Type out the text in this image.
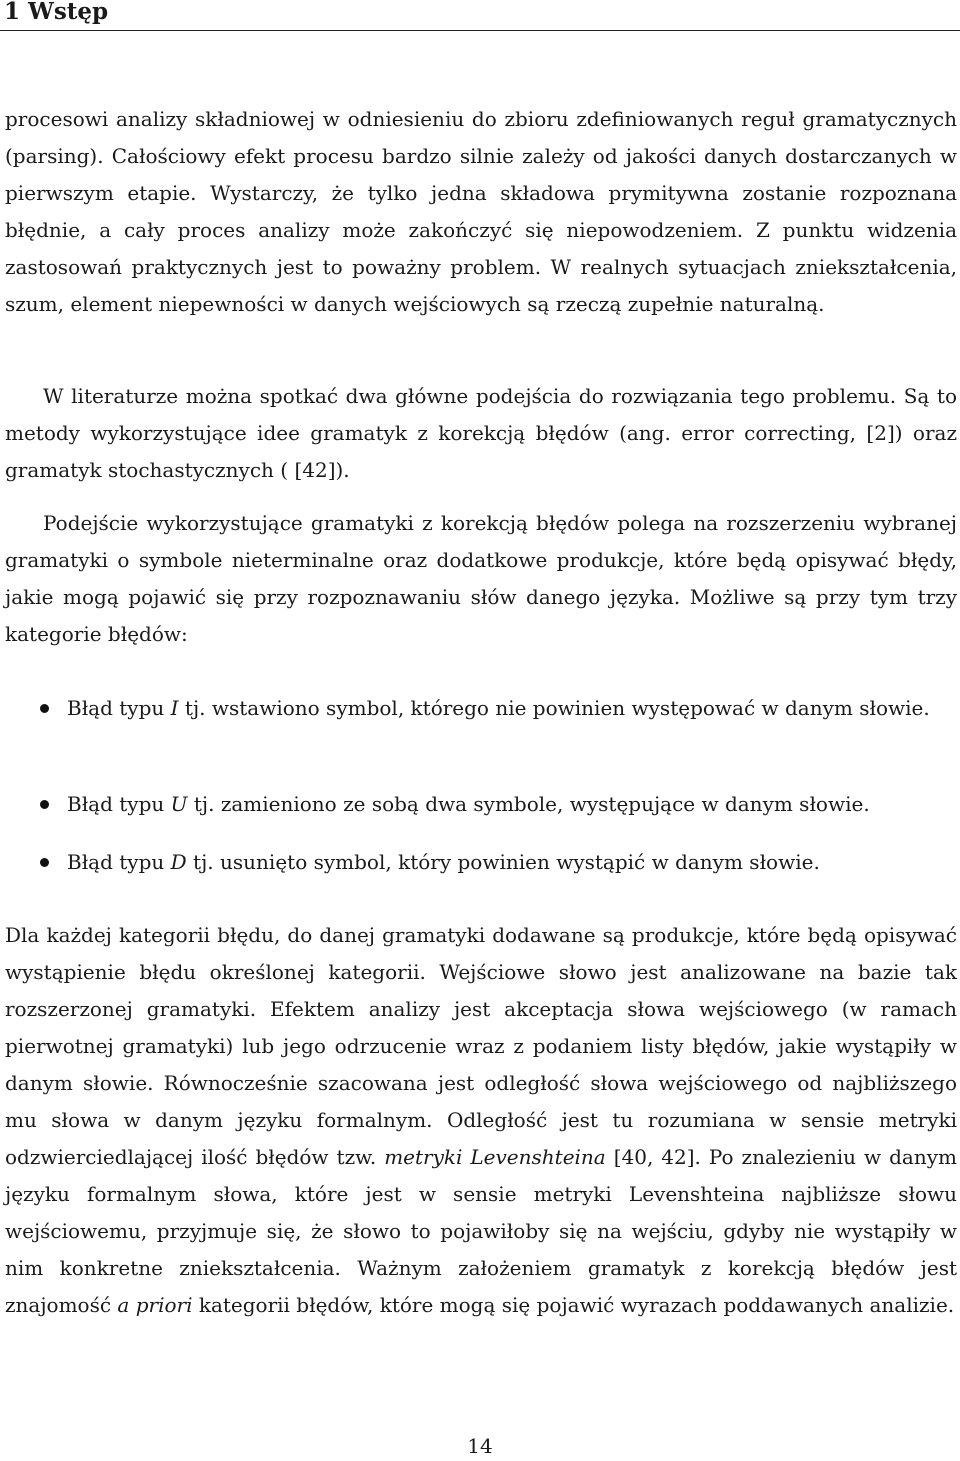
1 Wstęp

procesowi analizy składniowej w odniesieniu do zbioru zdefiniowanych reguł gramatycznych (parsing). Całościowy efekt procesu bardzo silnie zależy od jakości danych dostarczanych w pierwszym etapie. Wystarczy, że tylko jedna składowa prymitywna zostanie rozpoznana błędnie, a cały proces analizy może zakończyć się niepowodzeniem. Z punktu widzenia zastosowań praktycznych jest to poważny problem. W realnych sytuacjach zniekształcenia, szum, element niepewności w danych wejściowych są rzeczą zupełnie naturalną.

W literaturze można spotkać dwa główne podejścia do rozwiązania tego problemu. Są to metody wykorzystujące idee gramatyk z korekcją błędów (ang. error correcting, [2]) oraz gramatyk stochastycznych ( [42]).

Podejście wykorzystujące gramatyki z korekcją błędów polega na rozszerzeniu wybranej gramatyki o symbole nieterminalne oraz dodatkowe produkcje, które będą opisywać błędy, jakie mogą pojawić się przy rozpoznawaniu słów danego języka. Możliwe są przy tym trzy kategorie błędów:

Błąd typu I tj. wstawiono symbol, którego nie powinien występować w danym słowie.
Błąd typu U tj. zamieniono ze sobą dwa symbole, występujące w danym słowie.
Błąd typu D tj. usunięto symbol, który powinien wystąpić w danym słowie.

Dla każdej kategorii błędu, do danej gramatyki dodawane są produkcje, które będą opisywać wystąpienie błędu określonej kategorii. Wejściowe słowo jest analizowane na bazie tak rozszerzonej gramatyki. Efektem analizy jest akceptacja słowa wejściowego (w ramach pierwotnej gramatyki) lub jego odrzucenie wraz z podaniem listy błędów, jakie wystąpiły w danym słowie. Równocześnie szacowana jest odległość słowa wejściowego od najbliższego mu słowa w danym języku formalnym. Odległość jest tu rozumiana w sensie metryki odzwierciedlającej ilość błędów tzw. metryki Levenshteina [40, 42]. Po znalezieniu w danym języku formalnym słowa, które jest w sensie metryki Levenshteina najbliższe słowu wejściowemu, przyjmuje się, że słowo to pojawiłoby się na wejściu, gdyby nie wystąpiły w nim konkretne zniekształcenia. Ważnym założeniem gramatyk z korekcją błędów jest znajomość a priori kategorii błędów, które mogą się pojawić wyrazach poddawanych analizie.

14
